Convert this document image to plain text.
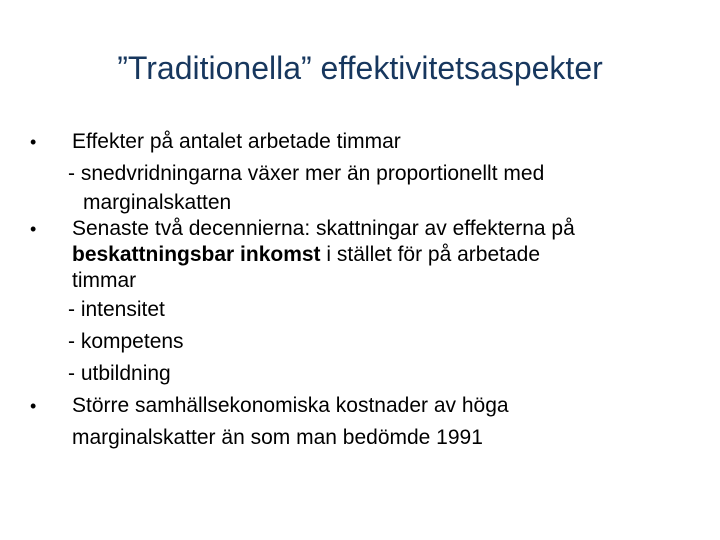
”Traditionella” effektivitetsaspekter
•	Effekter på antalet arbetade timmar
- snedvridningarna växer mer än proportionellt med
marginalskatten
•	Senaste två decennierna: skattningar av effekterna på
beskattningsbar inkomst i stället för på arbetade
timmar
- intensitet
- kompetens
- utbildning
•	Större samhällsekonomiska kostnader av höga
marginalskatter än som man bedömde 1991
